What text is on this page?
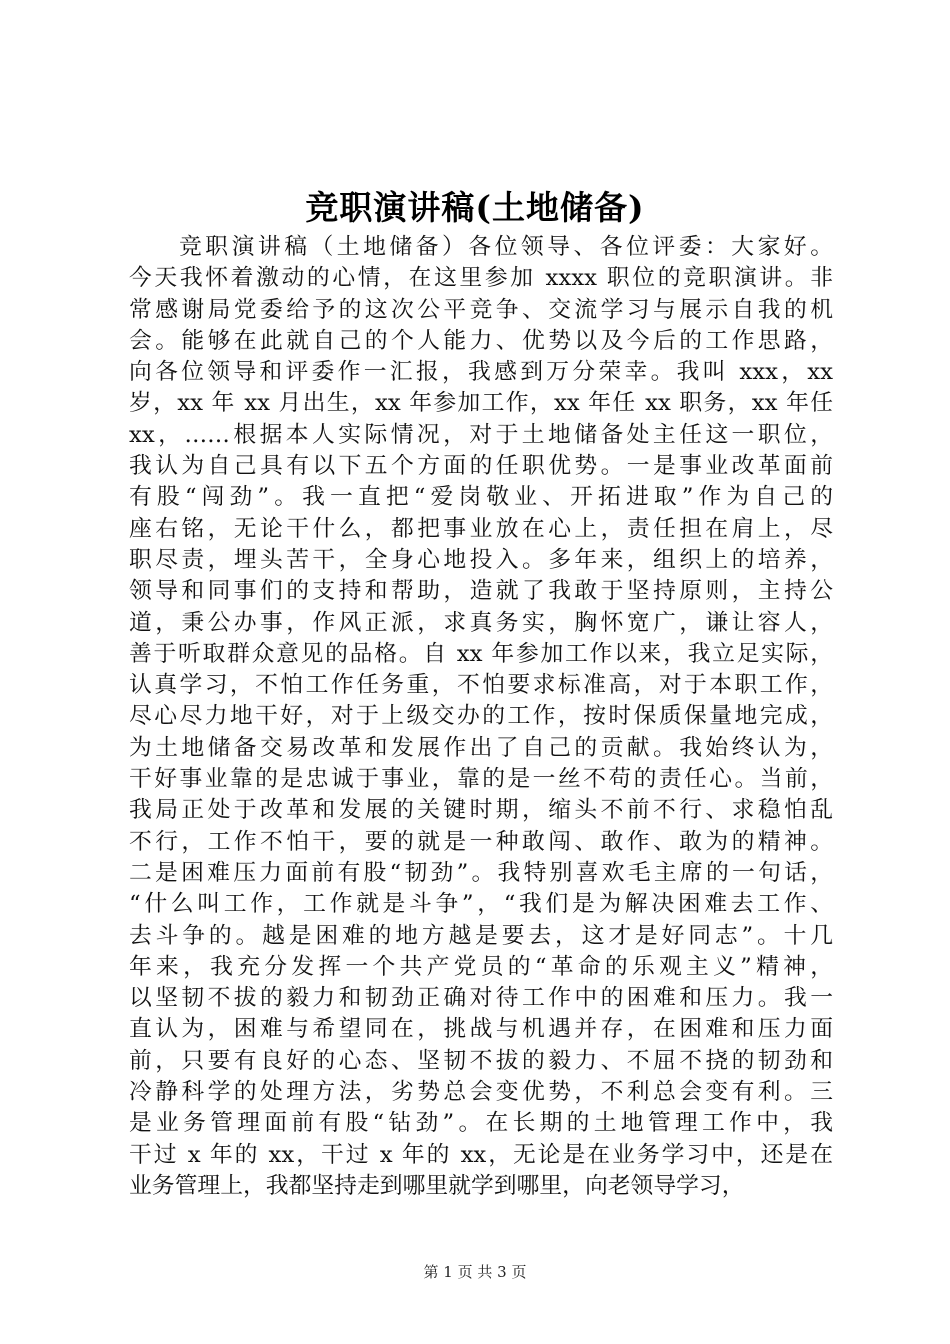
竞职演讲稿(土地储备)
竞职演讲稿（土地储备）各位领导、各位评委：大家好。
今天我怀着激动的心情，在这里参加 xxxx 职位的竞职演讲。非
常感谢局党委给予的这次公平竞争、交流学习与展示自我的机
会。能够在此就自己的个人能力、优势以及今后的工作思路，
向各位领导和评委作一汇报，我感到万分荣幸。我叫 xxx，xx
岁，xx 年 xx 月出生，xx 年参加工作，xx 年任 xx 职务，xx 年任
xx，……根据本人实际情况，对于土地储备处主任这一职位，
我认为自己具有以下五个方面的任职优势。一是事业改革面前
有股“闯劲”。我一直把“爱岗敬业、开拓进取”作为自己的
座右铭，无论干什么，都把事业放在心上，责任担在肩上，尽
职尽责，埋头苦干，全身心地投入。多年来，组织上的培养，
领导和同事们的支持和帮助，造就了我敢于坚持原则，主持公
道，秉公办事，作风正派，求真务实，胸怀宽广，谦让容人，
善于听取群众意见的品格。自 xx 年参加工作以来，我立足实际，
认真学习，不怕工作任务重，不怕要求标准高，对于本职工作，
尽心尽力地干好，对于上级交办的工作，按时保质保量地完成，
为土地储备交易改革和发展作出了自己的贡献。我始终认为，
干好事业靠的是忠诚于事业，靠的是一丝不苟的责任心。当前，
我局正处于改革和发展的关键时期，缩头不前不行、求稳怕乱
不行，工作不怕干，要的就是一种敢闯、敢作、敢为的精神。
二是困难压力面前有股“韧劲”。我特别喜欢毛主席的一句话，
“什么叫工作，工作就是斗争”，“我们是为解决困难去工作、
去斗争的。越是困难的地方越是要去，这才是好同志”。十几
年来，我充分发挥一个共产党员的“革命的乐观主义”精神，
以坚韧不拔的毅力和韧劲正确对待工作中的困难和压力。我一
直认为，困难与希望同在，挑战与机遇并存，在困难和压力面
前，只要有良好的心态、坚韧不拔的毅力、不屈不挠的韧劲和
冷静科学的处理方法，劣势总会变优势，不利总会变有利。三
是业务管理面前有股“钻劲”。在长期的土地管理工作中，我
干过 x 年的 xx，干过 x 年的 xx，无论是在业务学习中，还是在
业务管理上，我都坚持走到哪里就学到哪里，向老领导学习，
第 1 页 共 3 页
